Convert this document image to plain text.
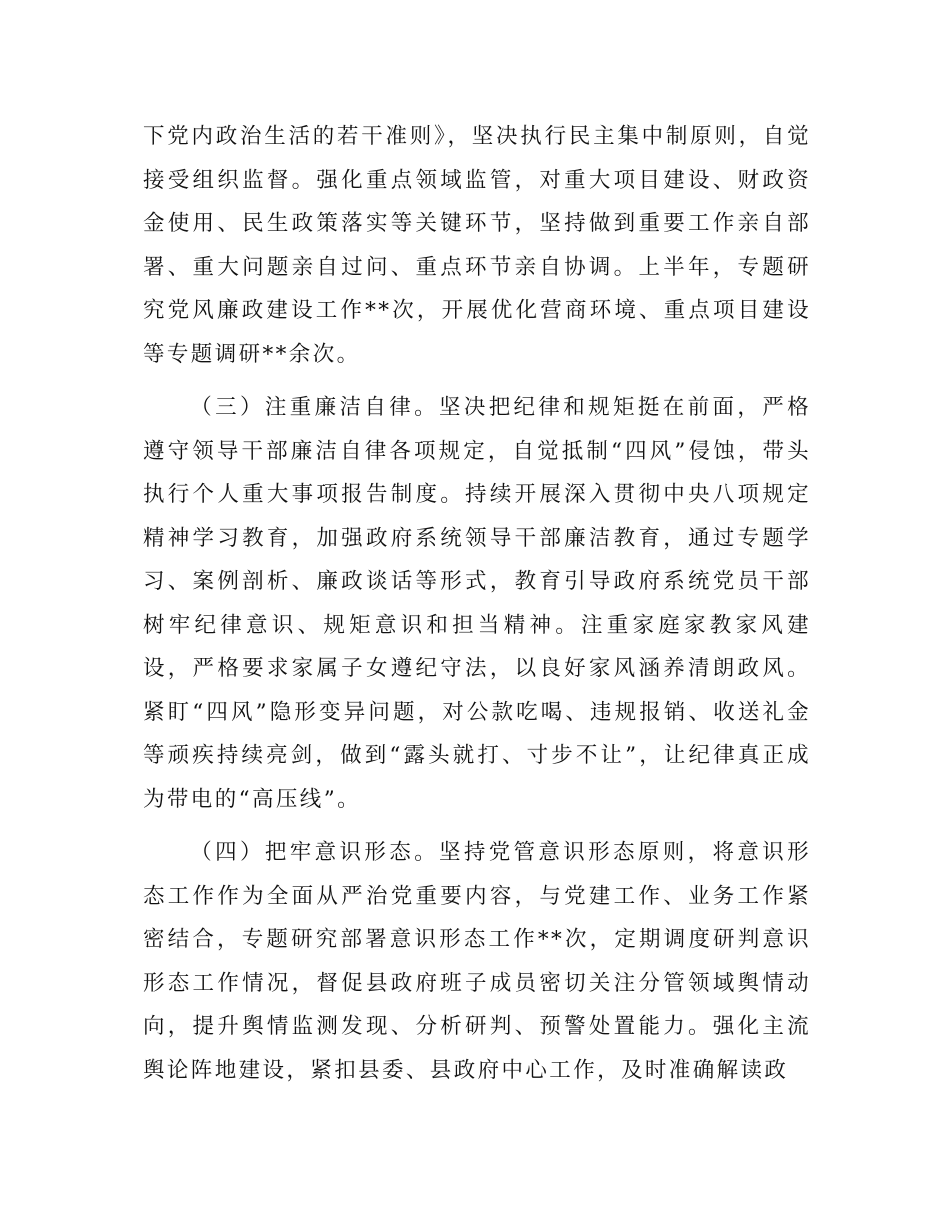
下党内政治生活的若干准则》，坚决执行民主集中制原则，自觉接受组织监督。强化重点领域监管，对重大项目建设、财政资金使用、民生政策落实等关键环节，坚持做到重要工作亲自部署、重大问题亲自过问、重点环节亲自协调。上半年，专题研究党风廉政建设工作**次，开展优化营商环境、重点项目建设等专题调研**余次。

（三）注重廉洁自律。坚决把纪律和规矩挺在前面，严格遵守领导干部廉洁自律各项规定，自觉抵制“四风”侵蚀，带头执行个人重大事项报告制度。持续开展深入贯彻中央八项规定精神学习教育，加强政府系统领导干部廉洁教育，通过专题学习、案例剖析、廉政谈话等形式，教育引导政府系统党员干部树牢纪律意识、规矩意识和担当精神。注重家庭家教家风建设，严格要求家属子女遵纪守法，以良好家风涵养清朗政风。紧盯“四风”隐形变异问题，对公款吃喝、违规报销、收送礼金等顽疾持续亮剑，做到“露头就打、寸步不让”，让纪律真正成为带电的“高压线”。

（四）把牢意识形态。坚持党管意识形态原则，将意识形态工作作为全面从严治党重要内容，与党建工作、业务工作紧密结合，专题研究部署意识形态工作**次，定期调度研判意识形态工作情况，督促县政府班子成员密切关注分管领域舆情动向，提升舆情监测发现、分析研判、预警处置能力。强化主流舆论阵地建设，紧扣县委、县政府中心工作，及时准确解读政
